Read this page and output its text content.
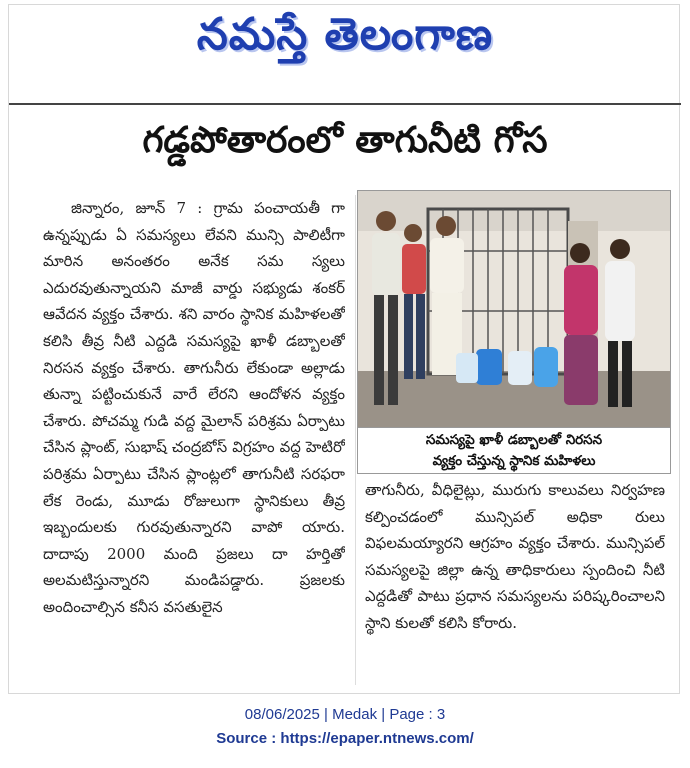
నమస్తే తెలంగాణ
గడ్డపోతారంలో తాగునీటి గోస

జిన్నారం, జూన్ 7 : గ్రామ పంచాయతీ గా ఉన్నప్పుడు ఏ సమస్యలు లేవని మున్సి పాలిటీగా మారిన అనంతరం అనేక సమ స్యలు ఎదురవుతున్నాయని మాజీ వార్డు సభ్యుడు శంకర్ ఆవేదన వ్యక్తం చేశారు. శని వారం స్థానిక మహిళలతో కలిసి తీవ్ర నీటి ఎద్దడి సమస్యపై ఖాళీ డబ్బాలతో నిరసన వ్యక్తం చేశారు. తాగునీరు లేకుండా అల్లాడు తున్నా పట్టించుకునే వారే లేరని ఆందోళన వ్యక్తం చేశారు. పోచమ్మ గుడి వద్ద మైలాన్ పరిశ్రమ ఏర్పాటు చేసిన ప్లాంట్, సుభాష్ చంద్రబోస్ విగ్రహం వద్ద హెటిరో పరిశ్రమ ఏర్పాటు చేసిన ప్లాంట్లలో తాగునీటి సరఫరా లేక రెండు, మూడు రోజులుగా స్థానికులు తీవ్ర ఇబ్బందులకు గురవుతున్నారని వాపో యారు. దాదాపు 2000 మంది ప్రజలు దా హర్తితో అలమటిస్తున్నారని మండిపడ్డారు. ప్రజలకు అందించాల్సిన కనీస వసతులైన

సమస్యపై ఖాళీ డబ్బాలతో నిరసన
వ్యక్తం చేస్తున్న స్థానిక మహిళలు

తాగునీరు, వీధిలైట్లు, మురుగు కాలువలు నిర్వహణ కల్పించడంలో మున్సిపల్ అధికా రులు విఫలమయ్యారని ఆగ్రహం వ్యక్తం చేశారు. మున్సిపల్ సమస్యలపై జిల్లా ఉన్న తాధికారులు స్పందించి నీటి ఎద్దడితో పాటు ప్రధాన సమస్యలను పరిష్కరించాలని స్థాని కులతో కలిసి కోరారు.

08/06/2025 | Medak | Page : 3
Source : https://epaper.ntnews.com/
